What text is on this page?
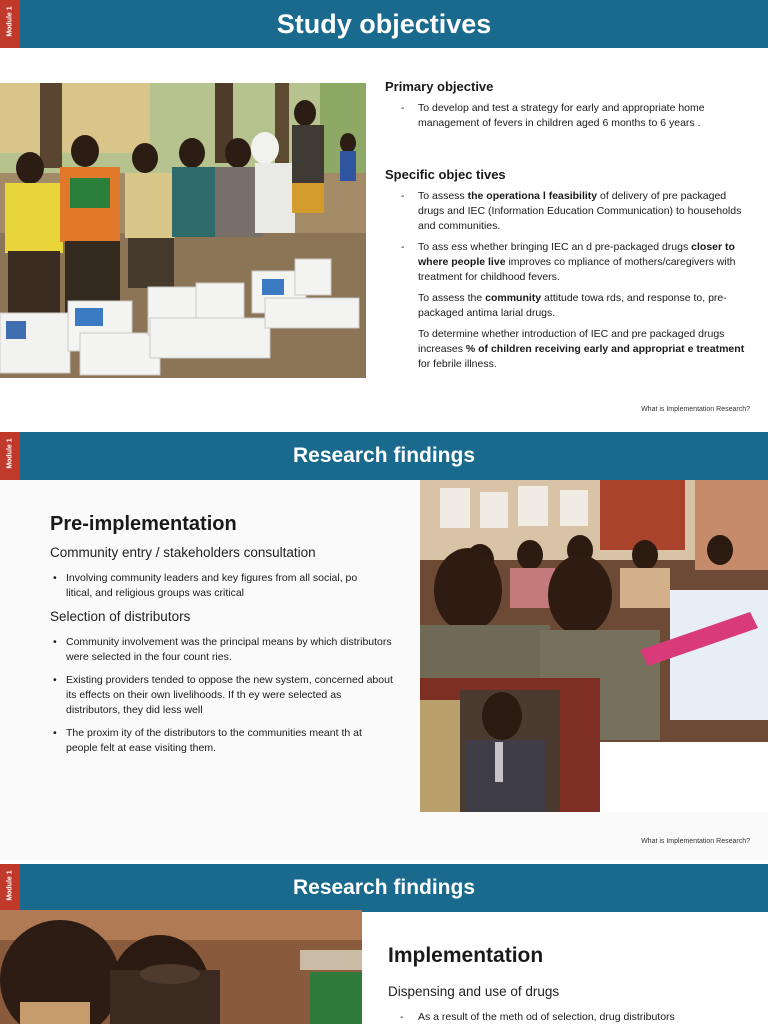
Study objectives
Module 1
Primary objective
- To develop and test a strategy for early and appropriate home management of fevers in children aged 6 months to 6 years .

Specific objec tives
- To assess the operationa l feasibility of delivery of pre packaged drugs and IEC (Information Education Communication) to households and communities.

- To ass ess whether bringing IEC an d pre-packaged drugs closer to where people live improves co mpliance of mothers/caregivers with treatment for childhood fevers.

To assess the community attitude towa rds, and response to, pre-packaged antima larial drugs.

To determine whether introduction of IEC and pre packaged drugs increases % of children receiving early and appropriat e treatment for febrile illness.

What is Implementation Research?
Research findings
Module 1
Pre-implementation
Community entry / stakeholders consultation
• Involving community leaders and key figures from all social, po litical, and religious groups was critical
Selection of distributors
• Community involvement was the principal means by which distributors were selected in the four count ries.
• Existing providers tended to oppose the new system, concerned about its effects on their own livelihoods. If th ey were selected as distributors, they did less well
• The proxim ity of the distributors to the communities meant th at people felt at ease visiting them.
What is Implementation Research?
Research findings
Module 1
Implementation
Dispensing and use of drugs
- As a result of the meth od of selection, drug distributors
